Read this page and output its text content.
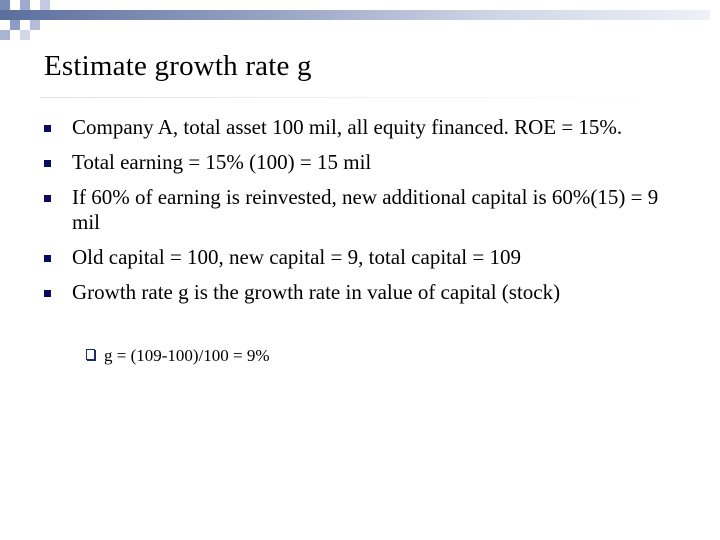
Estimate growth rate g
Company A, total asset 100 mil, all equity financed. ROE = 15%.
Total earning = 15% (100) = 15 mil
If 60% of earning is reinvested, new additional capital is 60%(15) = 9 mil
Old capital = 100, new capital = 9, total capital = 109
Growth rate g is the growth rate in value of capital (stock)
g = (109-100)/100 = 9%
